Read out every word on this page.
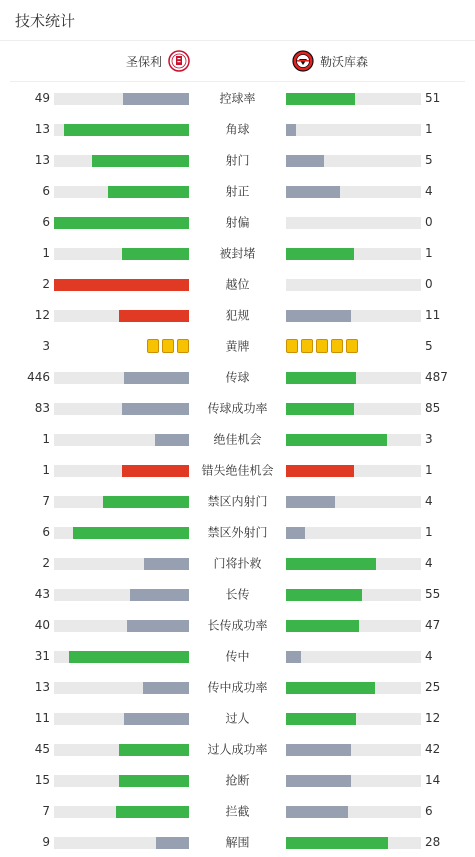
技术统计
圣保利	勒沃库森
49	控球率	51
13	角球	1
13	射门	5
6	射正	4
6	射偏	0
1	被封堵	1
2	越位	0
12	犯规	11
3	黄牌	5
446	传球	487
83	传球成功率	85
1	绝佳机会	3
1	错失绝佳机会	1
7	禁区内射门	4
6	禁区外射门	1
2	门将扑救	4
43	长传	55
40	长传成功率	47
31	传中	4
13	传中成功率	25
11	过人	12
45	过人成功率	42
15	抢断	14
7	拦截	6
9	解围	28
